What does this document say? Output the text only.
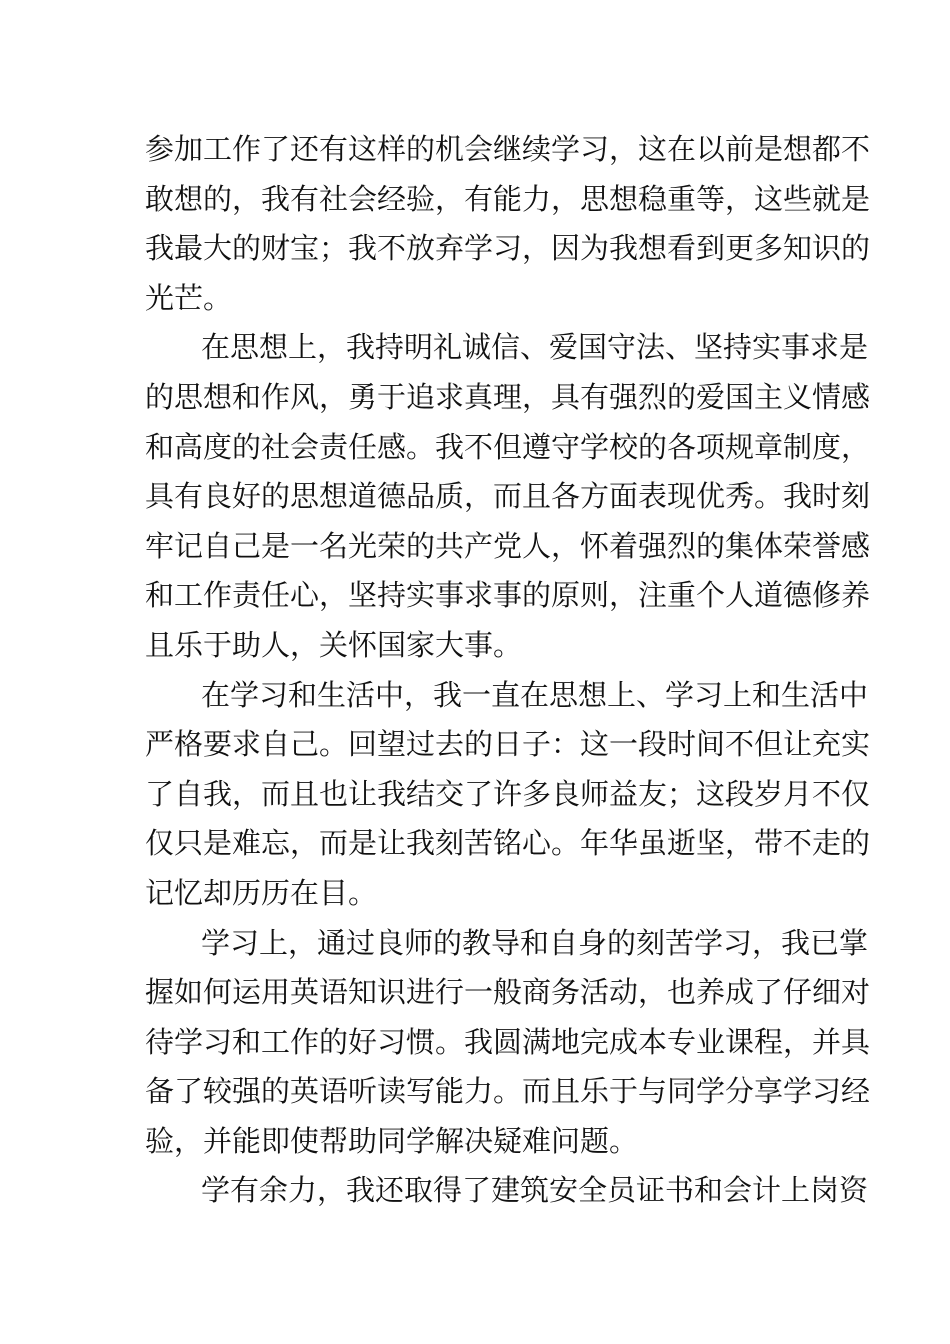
参加工作了还有这样的机会继续学习，这在以前是想都不
敢想的，我有社会经验，有能力，思想稳重等，这些就是
我最大的财宝；我不放弃学习，因为我想看到更多知识的
光芒。
在思想上，我持明礼诚信、爱国守法、坚持实事求是
的思想和作风，勇于追求真理，具有强烈的爱国主义情感
和高度的社会责任感。我不但遵守学校的各项规章制度，
具有良好的思想道德品质，而且各方面表现优秀。我时刻
牢记自己是一名光荣的共产党人，怀着强烈的集体荣誉感
和工作责任心，坚持实事求事的原则，注重个人道德修养
且乐于助人，关怀国家大事。
在学习和生活中，我一直在思想上、学习上和生活中
严格要求自己。回望过去的日子：这一段时间不但让充实
了自我，而且也让我结交了许多良师益友；这段岁月不仅
仅只是难忘，而是让我刻苦铭心。年华虽逝坚，带不走的
记忆却历历在目。
学习上，通过良师的教导和自身的刻苦学习，我已掌
握如何运用英语知识进行一般商务活动，也养成了仔细对
待学习和工作的好习惯。我圆满地完成本专业课程，并具
备了较强的英语听读写能力。而且乐于与同学分享学习经
验，并能即使帮助同学解决疑难问题。
学有余力，我还取得了建筑安全员证书和会计上岗资
